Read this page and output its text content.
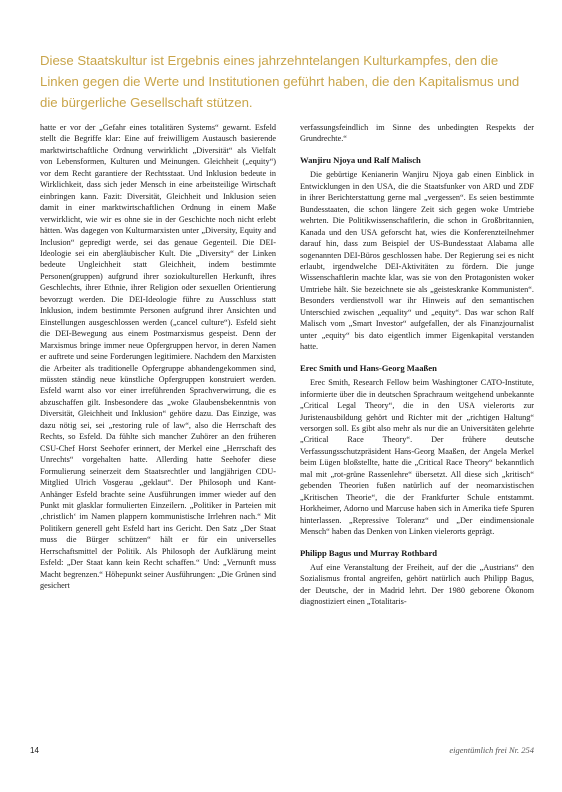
Diese Staatskultur ist Ergebnis eines jahrzehntelangen Kulturkampfes, den die Linken gegen die Werte und Institutionen geführt haben, die den Kapitalismus und die bürgerliche Gesellschaft stützen.

hatte er vor der „Gefahr eines totalitären Systems“ gewarnt. Esfeld stellt die Begriffe klar: Eine auf freiwilligem Austausch basierende marktwirtschaftliche Ordnung verwirklicht „Diversität“ als Vielfalt von Lebensformen, Kulturen und Meinungen. Gleichheit („equity“) vor dem Recht garantiere der Rechtsstaat. Und Inklusion bedeute in Wirklichkeit, dass sich jeder Mensch in eine arbeitsteilige Wirtschaft einbringen kann. Fazit: Diversität, Gleichheit und Inklusion seien damit in einer marktwirtschaftlichen Ordnung in einem Maße verwirklicht, wie wir es ohne sie in der Geschichte noch nicht erlebt hätten. Was dagegen von Kulturmarxisten unter „Diversity, Equity and Inclusion“ gepredigt werde, sei das genaue Gegenteil. Die DEI-Ideologie sei ein abergläubischer Kult. Die „Diversity“ der Linken bedeute Ungleichheit statt Gleichheit, indem bestimmte Personen(gruppen) aufgrund ihrer soziokulturellen Herkunft, ihres Geschlechts, ihrer Ethnie, ihrer Religion oder sexuellen Orientierung bevorzugt werden. Die DEI-Ideologie führe zu Ausschluss statt Inklusion, indem bestimmte Personen aufgrund ihrer Ansichten und Einstellungen ausgeschlossen werden („cancel culture“). Esfeld sieht die DEI-Bewegung aus einem Postmarxismus gespeist. Denn der Marxismus bringe immer neue Opfergruppen hervor, in deren Namen er auftrete und seine Forderungen legitimiere. Nachdem den Marxisten die Arbeiter als traditionelle Opfergruppe abhandengekommen sind, müssten ständig neue künstliche Opfergruppen konstruiert werden. Esfeld warnt also vor einer irreführenden Sprachverwirrung, die es abzuschaffen gilt. Insbesondere das „woke Glaubensbekenntnis von Diversität, Gleichheit und Inklusion“ gehöre dazu. Das Einzige, was dazu nötig sei, sei „restoring rule of law“, also die Herrschaft des Rechts, so Esfeld. Da fühlte sich mancher Zuhörer an den früheren CSU-Chef Horst Seehofer erinnert, der Merkel eine „Herrschaft des Unrechts“ vorgehalten hatte. Allerding hatte Seehofer diese Formulierung seinerzeit dem Staatsrechtler und langjährigen CDU-Mitglied Ulrich Vosgerau „geklaut“. Der Philosoph und Kant-Anhänger Esfeld brachte seine Ausführungen immer wieder auf den Punkt mit glasklar formulierten Einzeilern. „Politiker in Parteien mit ‚christlich‘ im Namen plappern kommunistische Irrlehren nach.“ Mit Politikern generell geht Esfeld hart ins Gericht. Den Satz „Der Staat muss die Bürger schützen“ hält er für ein universelles Herrschaftsmittel der Politik. Als Philosoph der Aufklärung meint Esfeld: „Der Staat kann kein Recht schaffen.“ Und: „Vernunft muss Macht begrenzen.“ Höhepunkt seiner Ausführungen: „Die Grünen sind gesichert

verfassungsfeindlich im Sinne des unbedingten Respekts der Grundrechte.“

Wanjiru Njoya und Ralf Malisch

Die gebürtige Kenianerin Wanjiru Njoya gab einen Einblick in Entwicklungen in den USA, die die Staatsfunker von ARD und ZDF in ihrer Berichterstattung gerne mal „vergessen“. Es seien bestimmte Bundesstaaten, die schon längere Zeit sich gegen woke Umtriebe wehrten. Die Politikwissenschaftlerin, die schon in Großbritannien, Kanada und den USA geforscht hat, wies die Konferenzteilnehmer darauf hin, dass zum Beispiel der US-Bundesstaat Alabama alle sogenannten DEI-Büros geschlossen habe. Der Regierung sei es nicht erlaubt, irgendwelche DEI-Aktivitäten zu fördern. Die junge Wissenschaftlerin machte klar, was sie von den Protagonisten woker Umtriebe hält. Sie bezeichnete sie als „geisteskranke Kommunisten“. Besonders verdienstvoll war ihr Hinweis auf den semantischen Unterschied zwischen „equality“ und „equity“. Das war schon Ralf Malisch vom „Smart Investor“ aufgefallen, der als Finanzjournalist unter „equity“ bis dato eigentlich immer Eigenkapital verstanden hatte.

Erec Smith und Hans-Georg Maaßen

Erec Smith, Research Fellow beim Washingtoner CATO-Institute, informierte über die in deutschen Sprachraum weitgehend unbekannte „Critical Legal Theory“, die in den USA vielerorts zur Juristenausbildung gehört und Richter mit der „richtigen Haltung“ versorgen soll. Es gibt also mehr als nur die an Universitäten gelehrte „Critical Race Theory“. Der frühere deutsche Verfassungsschutzpräsident Hans-Georg Maaßen, der Angela Merkel beim Lügen bloßstellte, hatte die „Critical Race Theory“ bekanntlich mal mit „rot-grüne Rassenlehre“ übersetzt. All diese sich „kritisch“ gebenden Theorien fußen natürlich auf der neomarxistischen „Kritischen Theorie“, die der Frankfurter Schule entstammt. Horkheimer, Adorno und Marcuse haben sich in Amerika tiefe Spuren hinterlassen. „Repressive Toleranz“ und „Der eindimensionale Mensch“ haben das Denken von Linken vielerorts geprägt.

Philipp Bagus und Murray Rothbard

Auf eine Veranstaltung der Freiheit, auf der die „Austrians“ den Sozialismus frontal angreifen, gehört natürlich auch Philipp Bagus, der Deutsche, der in Madrid lehrt. Der 1980 geborene Ökonom diagnostiziert einen „Totalitaris-

14	eigentümlich frei Nr. 254
